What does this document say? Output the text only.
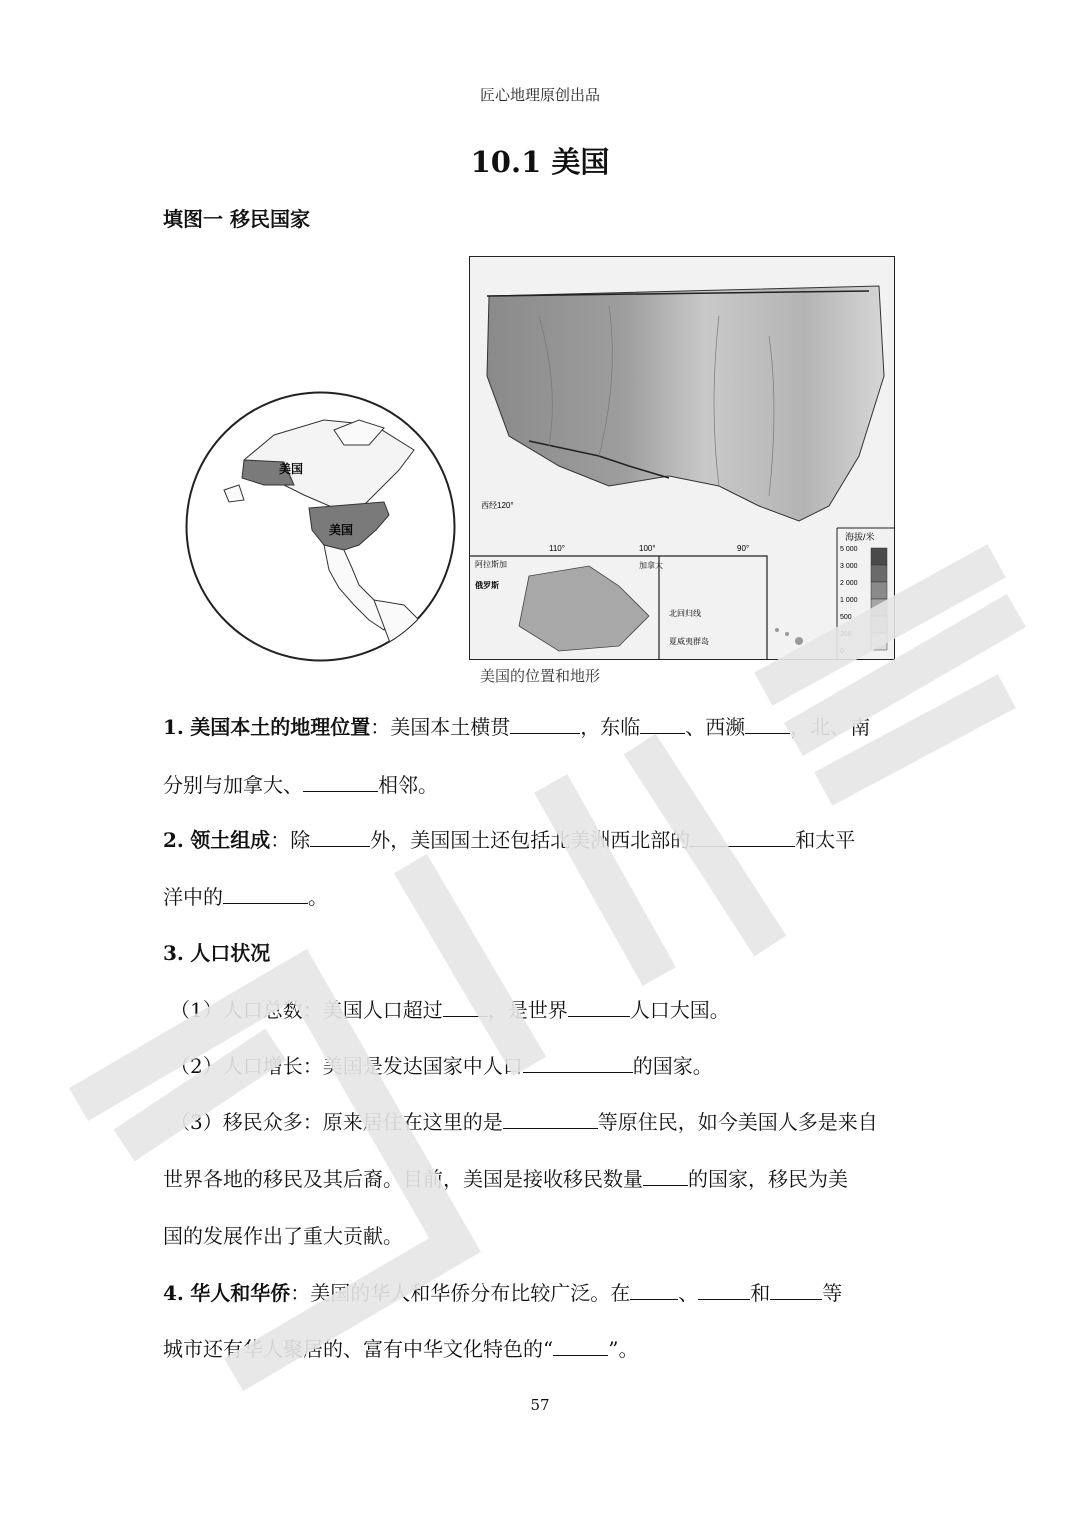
匠心地理原创出品
10.1 美国
填图一 移民国家
美国
美国	海拔/米
5 000
3 000
2 000
1 000
500
200
0
110°	100°	90°
西经120°
阿拉斯加
俄罗斯
加拿大
北回归线
夏威夷群岛
美国的位置和地形
1. 美国本土的地理位置：美国本土横贯	，东临 、西濒 ，北、南
分别与加拿大、	相邻。
2. 领土组成：除	外，美国国土还包括北美洲西北部的	和太平
洋中的	。
3. 人口状况
（1）人口总数：美国人口超过 ，是世界	人口大国。
（2）人口增长：美国是发达国家中人口	的国家。
（3）移民众多：原来居住在这里的是	等原住民，如今美国人多是来自
世界各地的移民及其后裔。目前，美国是接收移民数量 的国家，移民为美
国的发展作出了重大贡献。
4. 华人和华侨：美国的华人和华侨分布比较广泛。在 、	和	等
城市还有华人聚居的、富有中华文化特色的“	”。
57
